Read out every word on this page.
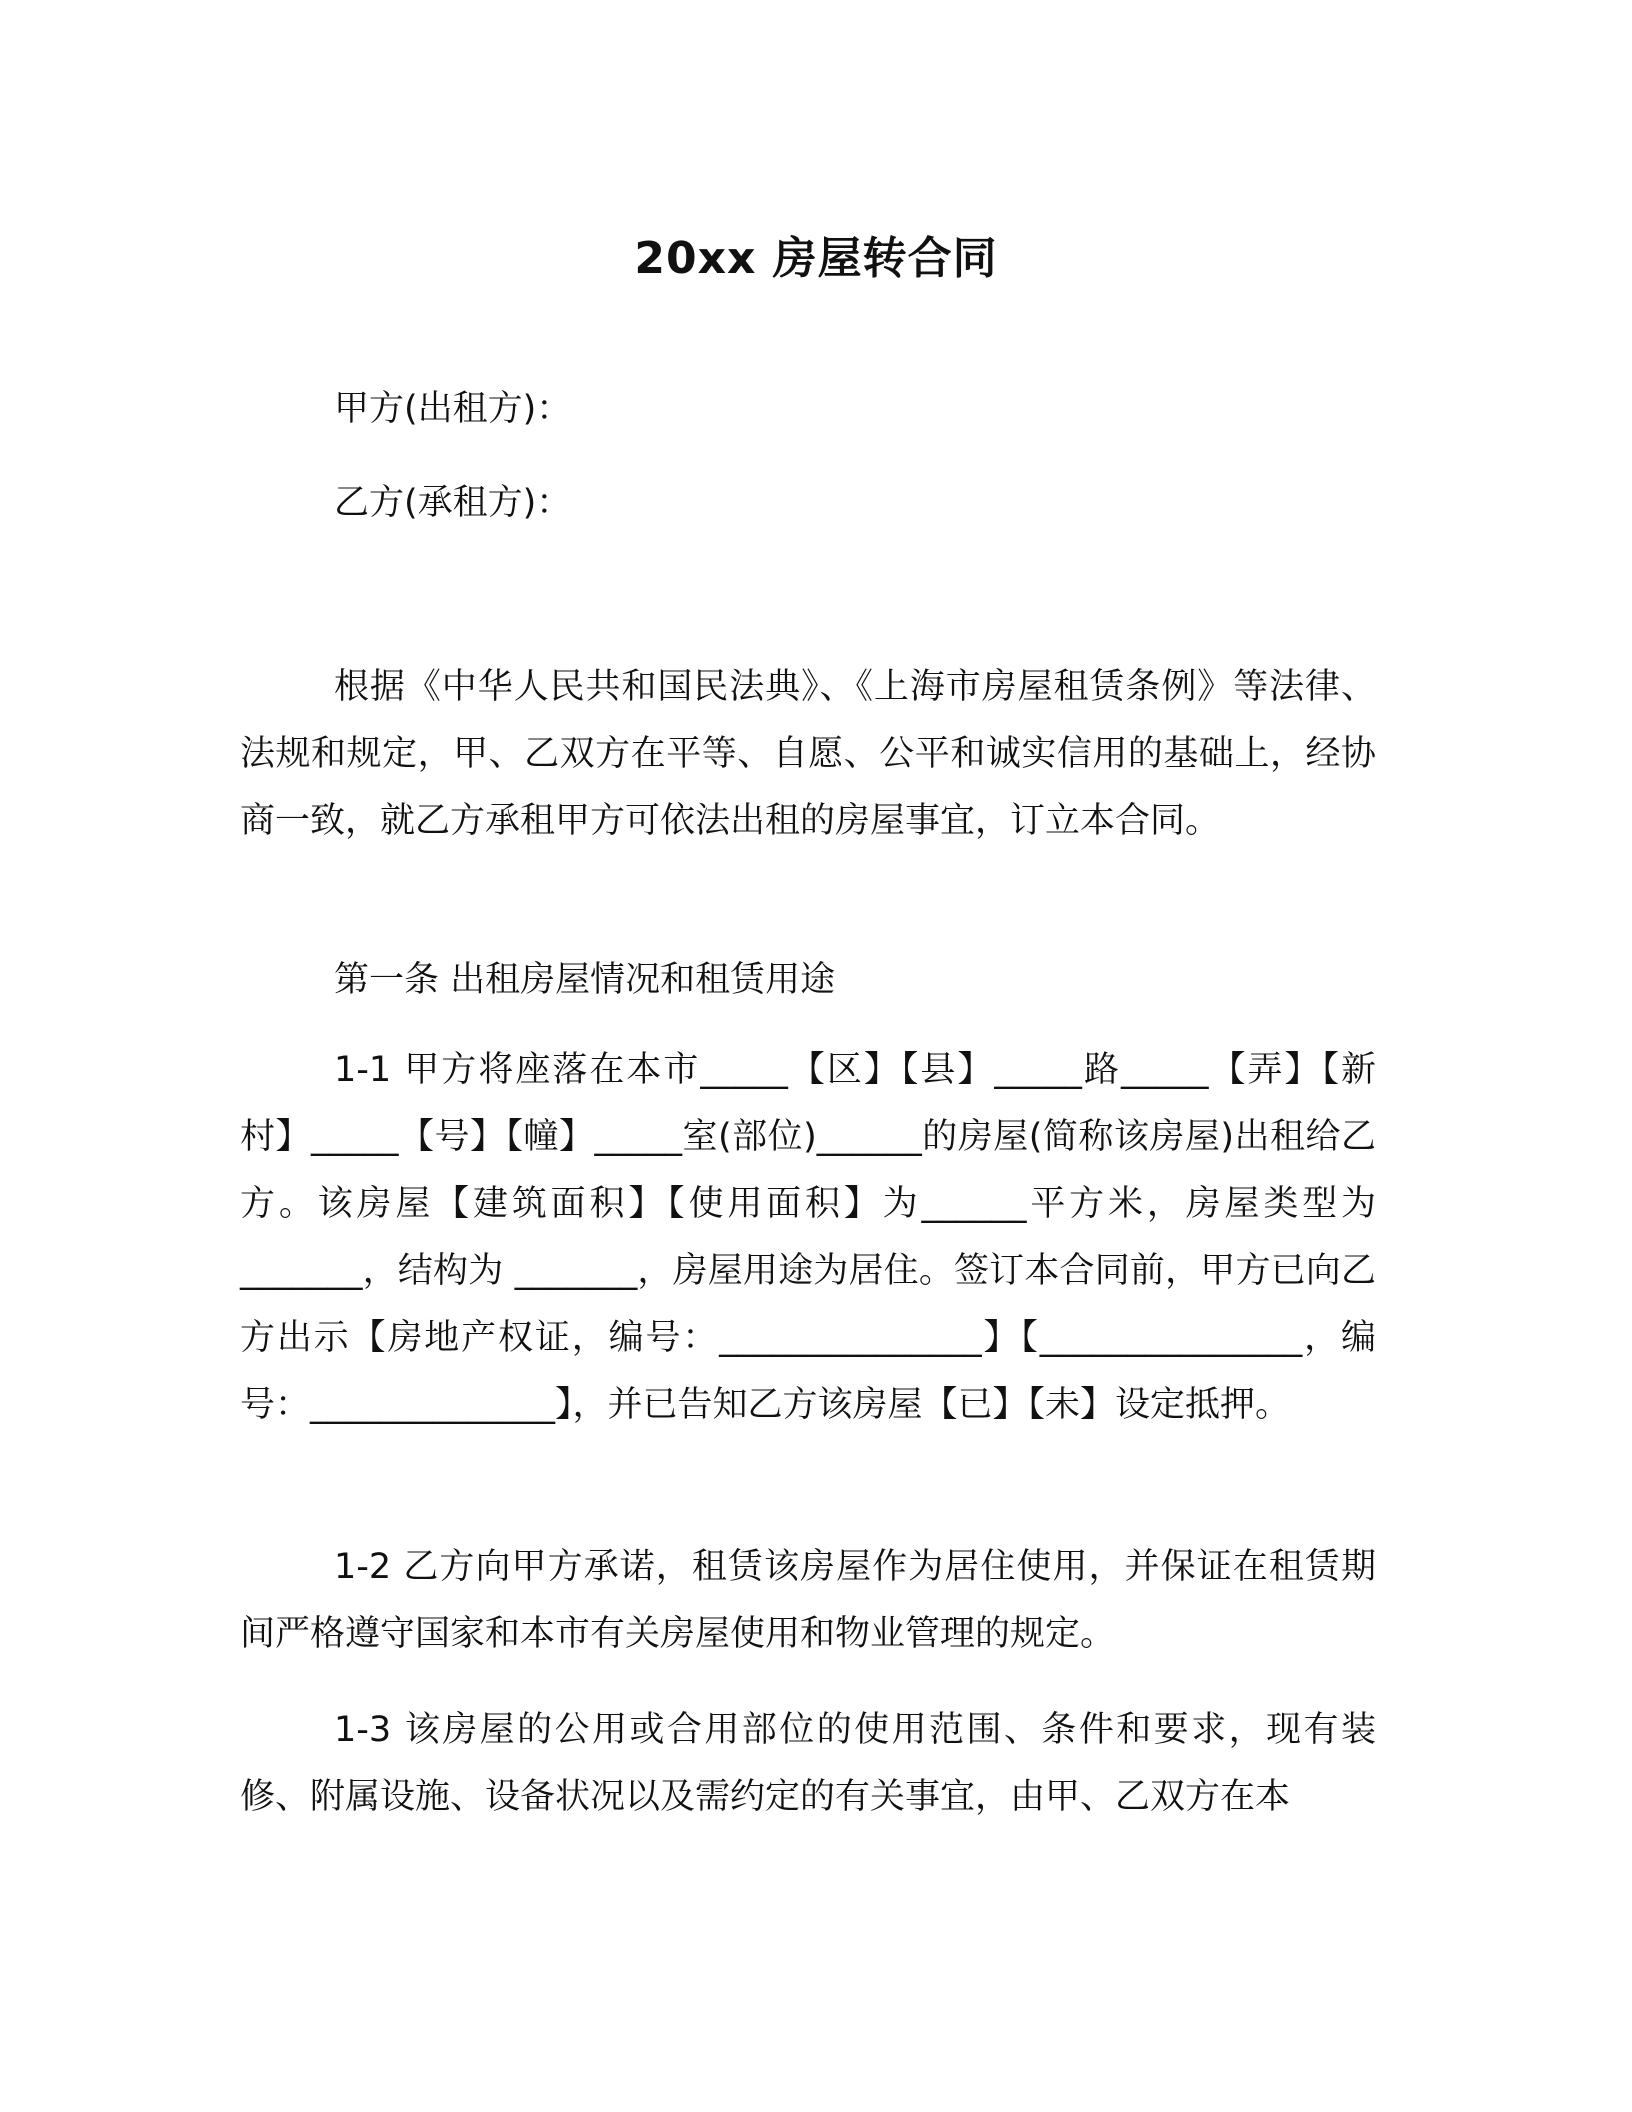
20xx 房屋转合同
甲方(出租方)：
乙方(承租方)：

根据《中华人民共和国民法典》、《上海市房屋租赁条例》等法律、法规和规定，甲、乙双方在平等、自愿、公平和诚实信用的基础上，经协商一致，就乙方承租甲方可依法出租的房屋事宜，订立本合同。

第一条 出租房屋情况和租赁用途

1-1 甲方将座落在本市_____【区】【县】_____路_____【弄】【新村】_____【号】【幢】_____室(部位)______的房屋(简称该房屋)出租给乙方。该房屋【建筑面积】【使用面积】为______平方米，房屋类型为_______，结构为 _______，房屋用途为居住。签订本合同前，甲方已向乙方出示【房地产权证，编号：_______________】【_______________，编号：______________】，并已告知乙方该房屋【已】【未】设定抵押。

1-2 乙方向甲方承诺，租赁该房屋作为居住使用，并保证在租赁期间严格遵守国家和本市有关房屋使用和物业管理的规定。

1-3 该房屋的公用或合用部位的使用范围、条件和要求，现有装修、附属设施、设备状况以及需约定的有关事宜，由甲、乙双方在本
